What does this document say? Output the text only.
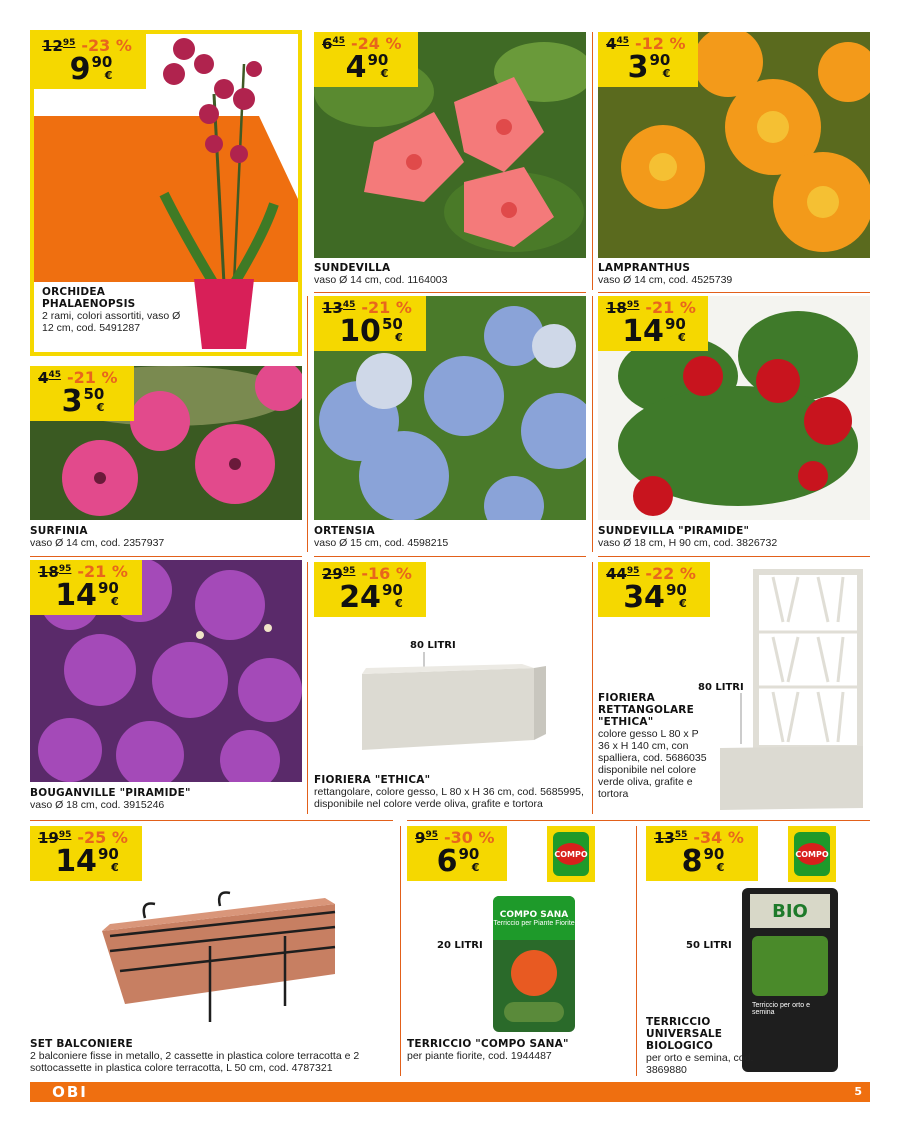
$12^{95}$ -23 %
9 90
€
ORCHIDEA PHALAENOPSIS
2 rami, colori assortiti, vaso Ø 12 cm, cod. 5491287
$6^{45}$ -24 %
4 90
€
SUNDEVILLA
vaso Ø 14 cm, cod. 1164003
$4^{45}$ -12 %
3 90
€
LAMPRANTHUS
vaso Ø 14 cm, cod. 4525739
$4^{45}$ -21 %
3 50
€
SURFINIA
vaso Ø 14 cm, cod. 2357937
$13^{45}$ -21 %
10 50
€
ORTENSIA
vaso Ø 15 cm, cod. 4598215
$18^{95}$ -21 %
14 90
€
SUNDEVILLA "PIRAMIDE"
vaso Ø 18 cm, H 90 cm, cod. 3826732
$18^{95}$ -21 %
14 90
€
BOUGANVILLE "PIRAMIDE"
vaso Ø 18 cm, cod. 3915246
80 LITRI
$29^{95}$ -16 %
24 90
€
FIORIERA "ETHICA"
rettangolare, colore gesso, L 80 x H 36 cm, cod. 5685995, disponibile nel colore verde oliva, grafite e tortora
80 LITRI
$44^{95}$ -22 %
34 90
€
FIORIERA RETTANGOLARE "ETHICA"
colore gesso L 80 x P 36 x H 140 cm, con spalliera, cod. 5686035 disponibile nel colore verde oliva, grafite e tortora
$19^{95}$ -25 %
14 90
€
SET BALCONIERE
2 balconiere fisse in metallo, 2 cassette in plastica colore terracotta e 2 sottocassette in plastica colore terracotta, L 50 cm, cod. 4787321
$9^{95}$ -30 %
6 90
€
COMPO
COMPO SANA
Terriccio per Piante Fiorite
20 LITRI
TERRICCIO "COMPO SANA"
per piante fiorite, cod. 1944487
$13^{55}$ -34 %
8 90
€
COMPO
BIO
Terriccio per orto e semina
50 LITRI
TERRICCIO UNIVERSALE BIOLOGICO
per orto e semina, cod. 3869880
OBI	5
